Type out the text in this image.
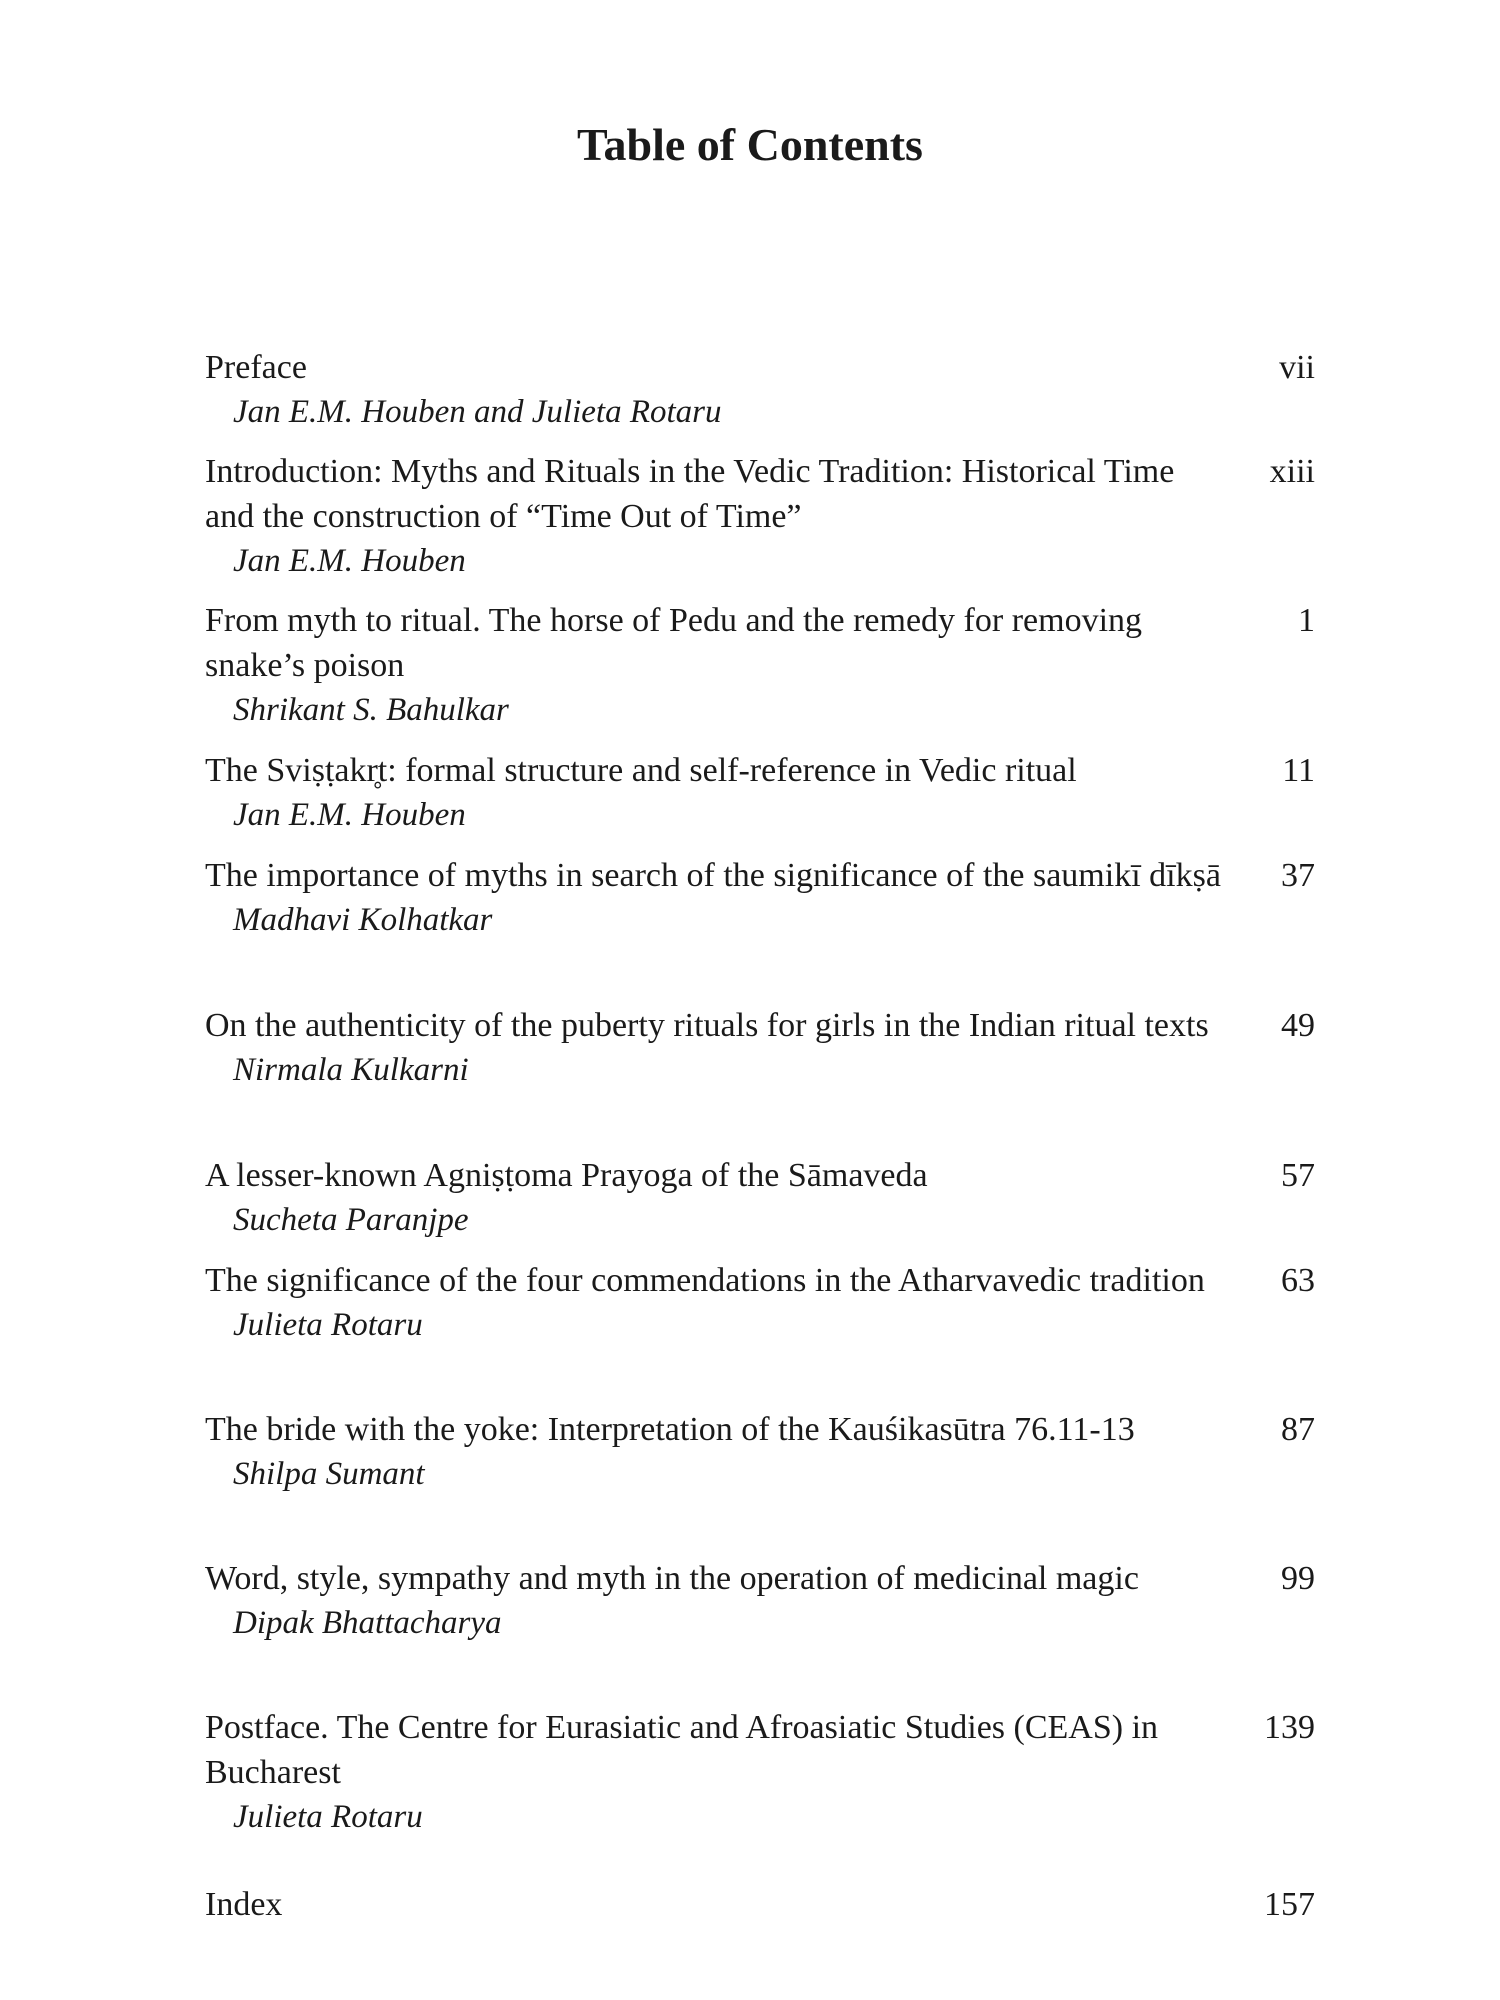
Table of Contents
Preface
Jan E.M. Houben and Julieta Rotaru
vii
Introduction: Myths and Rituals in the Vedic Tradition: Historical Time and the construction of “Time Out of Time”
Jan E.M. Houben
xiii
From myth to ritual. The horse of Pedu and the remedy for removing snake’s poison
Shrikant S. Bahulkar
1
The Sviṣṭakr̥t: formal structure and self-reference in Vedic ritual
Jan E.M. Houben
11
The importance of myths in search of the significance of the saumikī dīkṣā
Madhavi Kolhatkar
37
On the authenticity of the puberty rituals for girls in the Indian ritual texts
Nirmala Kulkarni
49
A lesser-known Agniṣṭoma Prayoga of the Sāmaveda
Sucheta Paranjpe
57
The significance of the four commendations in the Atharvavedic tradition
Julieta Rotaru
63
The bride with the yoke: Interpretation of the Kauśikasūtra 76.11-13
Shilpa Sumant
87
Word, style, sympathy and myth in the operation of medicinal magic
Dipak Bhattacharya
99
Postface. The Centre for Eurasiatic and Afroasiatic Studies (CEAS) in Bucharest
Julieta Rotaru
139
Index	157
